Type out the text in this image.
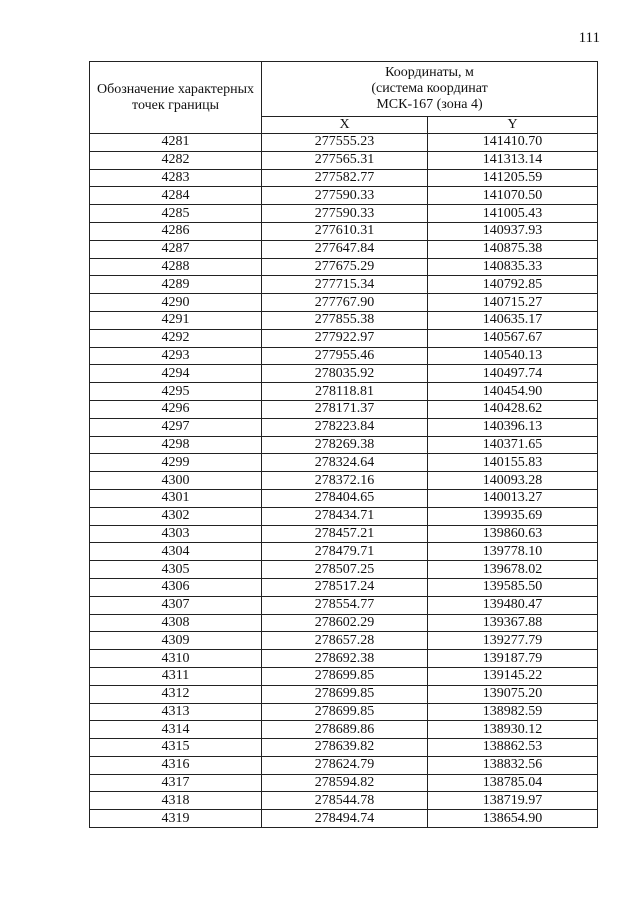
111
Обозначение характерных точек границы	Координаты, м
(система координат
МСК-167 (зона 4)	

	X	Y
4281	277555.23	141410.70
4282	277565.31	141313.14
4283	277582.77	141205.59
4284	277590.33	141070.50
4285	277590.33	141005.43
4286	277610.31	140937.93
4287	277647.84	140875.38
4288	277675.29	140835.33
4289	277715.34	140792.85
4290	277767.90	140715.27
4291	277855.38	140635.17
4292	277922.97	140567.67
4293	277955.46	140540.13
4294	278035.92	140497.74
4295	278118.81	140454.90
4296	278171.37	140428.62
4297	278223.84	140396.13
4298	278269.38	140371.65
4299	278324.64	140155.83
4300	278372.16	140093.28
4301	278404.65	140013.27
4302	278434.71	139935.69
4303	278457.21	139860.63
4304	278479.71	139778.10
4305	278507.25	139678.02
4306	278517.24	139585.50
4307	278554.77	139480.47
4308	278602.29	139367.88
4309	278657.28	139277.79
4310	278692.38	139187.79
4311	278699.85	139145.22
4312	278699.85	139075.20
4313	278699.85	138982.59
4314	278689.86	138930.12
4315	278639.82	138862.53
4316	278624.79	138832.56
4317	278594.82	138785.04
4318	278544.78	138719.97
4319	278494.74	138654.90
